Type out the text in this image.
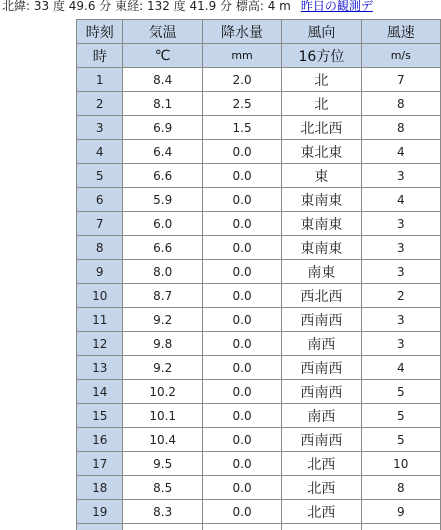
北緯: 33 度 49.6 分 東経: 132 度 41.9 分 標高: 4 m 昨日の観測デ
時刻	気温	降水量	風向	風速
時	℃	mm	16方位	m/s
1	8.4	2.0	北	7
2	8.1	2.5	北	8
3	6.9	1.5	北北西	8
4	6.4	0.0	東北東	4
5	6.6	0.0	東	3
6	5.9	0.0	東南東	4
7	6.0	0.0	東南東	3
8	6.6	0.0	東南東	3
9	8.0	0.0	南東	3
10	8.7	0.0	西北西	2
11	9.2	0.0	西南西	3
12	9.8	0.0	南西	3
13	9.2	0.0	西南西	4
14	10.2	0.0	西南西	5
15	10.1	0.0	南西	5
16	10.4	0.0	西南西	5
17	9.5	0.0	北西	10
18	8.5	0.0	北西	8
19	8.3	0.0	北西	9
